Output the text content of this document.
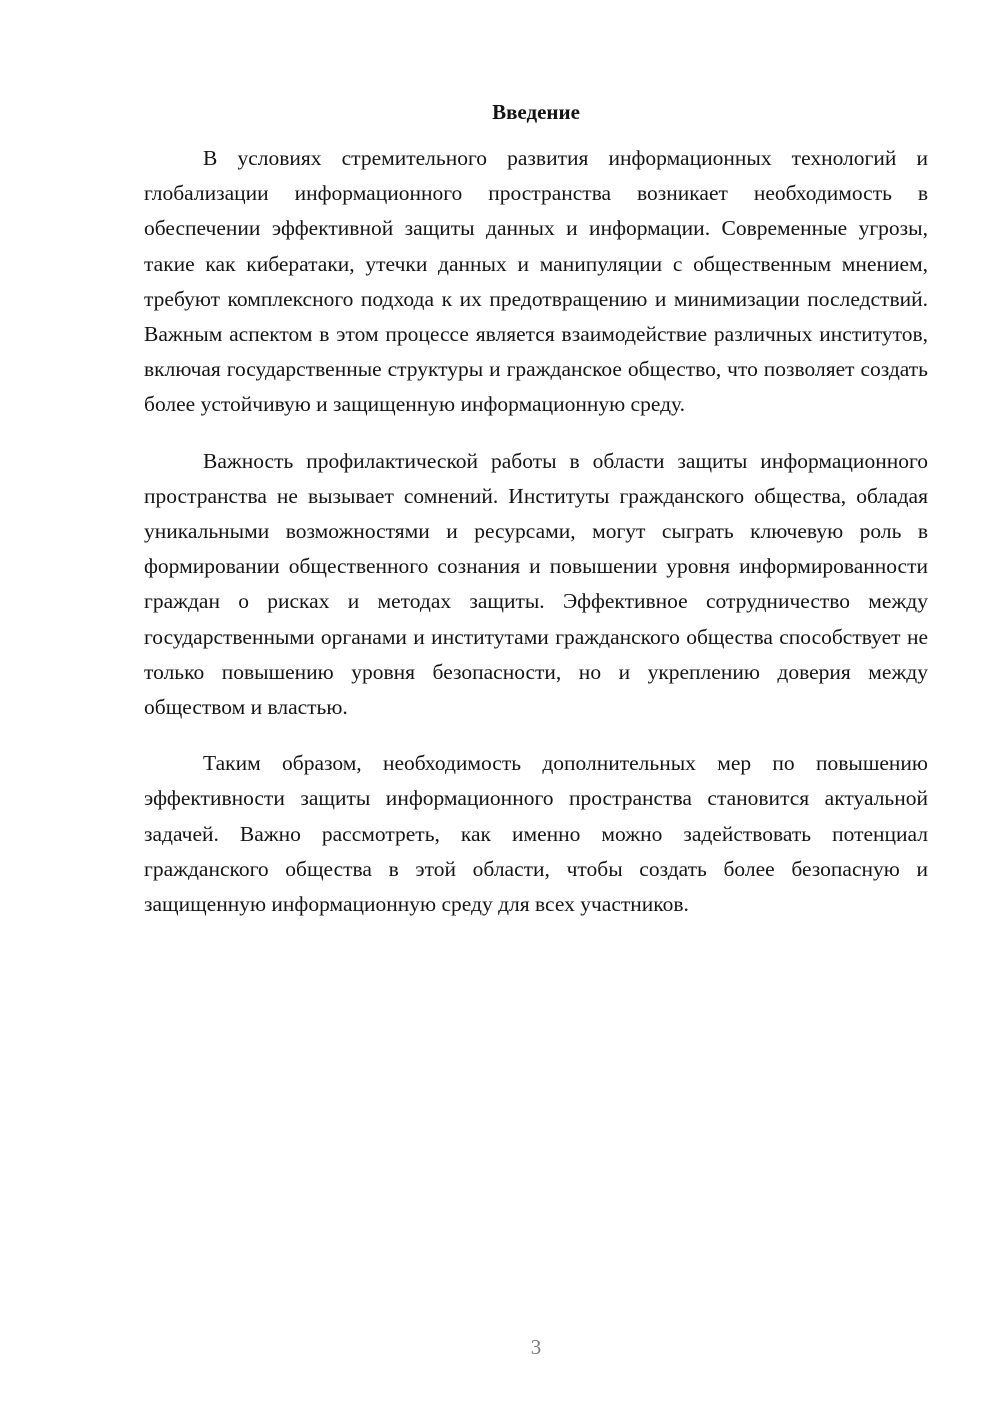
Введение

В условиях стремительного развития информационных технологий и глобализации информационного пространства возникает необходимость в обеспечении эффективной защиты данных и информации. Современные угрозы, такие как кибератаки, утечки данных и манипуляции с общественным мнением, требуют комплексного подхода к их предотвращению и минимизации последствий. Важным аспектом в этом процессе является взаимодействие различных институтов, включая государственные структуры и гражданское общество, что позволяет создать более устойчивую и защищенную информационную среду.

Важность профилактической работы в области защиты информационного пространства не вызывает сомнений. Институты гражданского общества, обладая уникальными возможностями и ресурсами, могут сыграть ключевую роль в формировании общественного сознания и повышении уровня информированности граждан о рисках и методах защиты. Эффективное сотрудничество между государственными органами и институтами гражданского общества способствует не только повышению уровня безопасности, но и укреплению доверия между обществом и властью.

Таким образом, необходимость дополнительных мер по повышению эффективности защиты информационного пространства становится актуальной задачей. Важно рассмотреть, как именно можно задействовать потенциал гражданского общества в этой области, чтобы создать более безопасную и защищенную информационную среду для всех участников.

3
